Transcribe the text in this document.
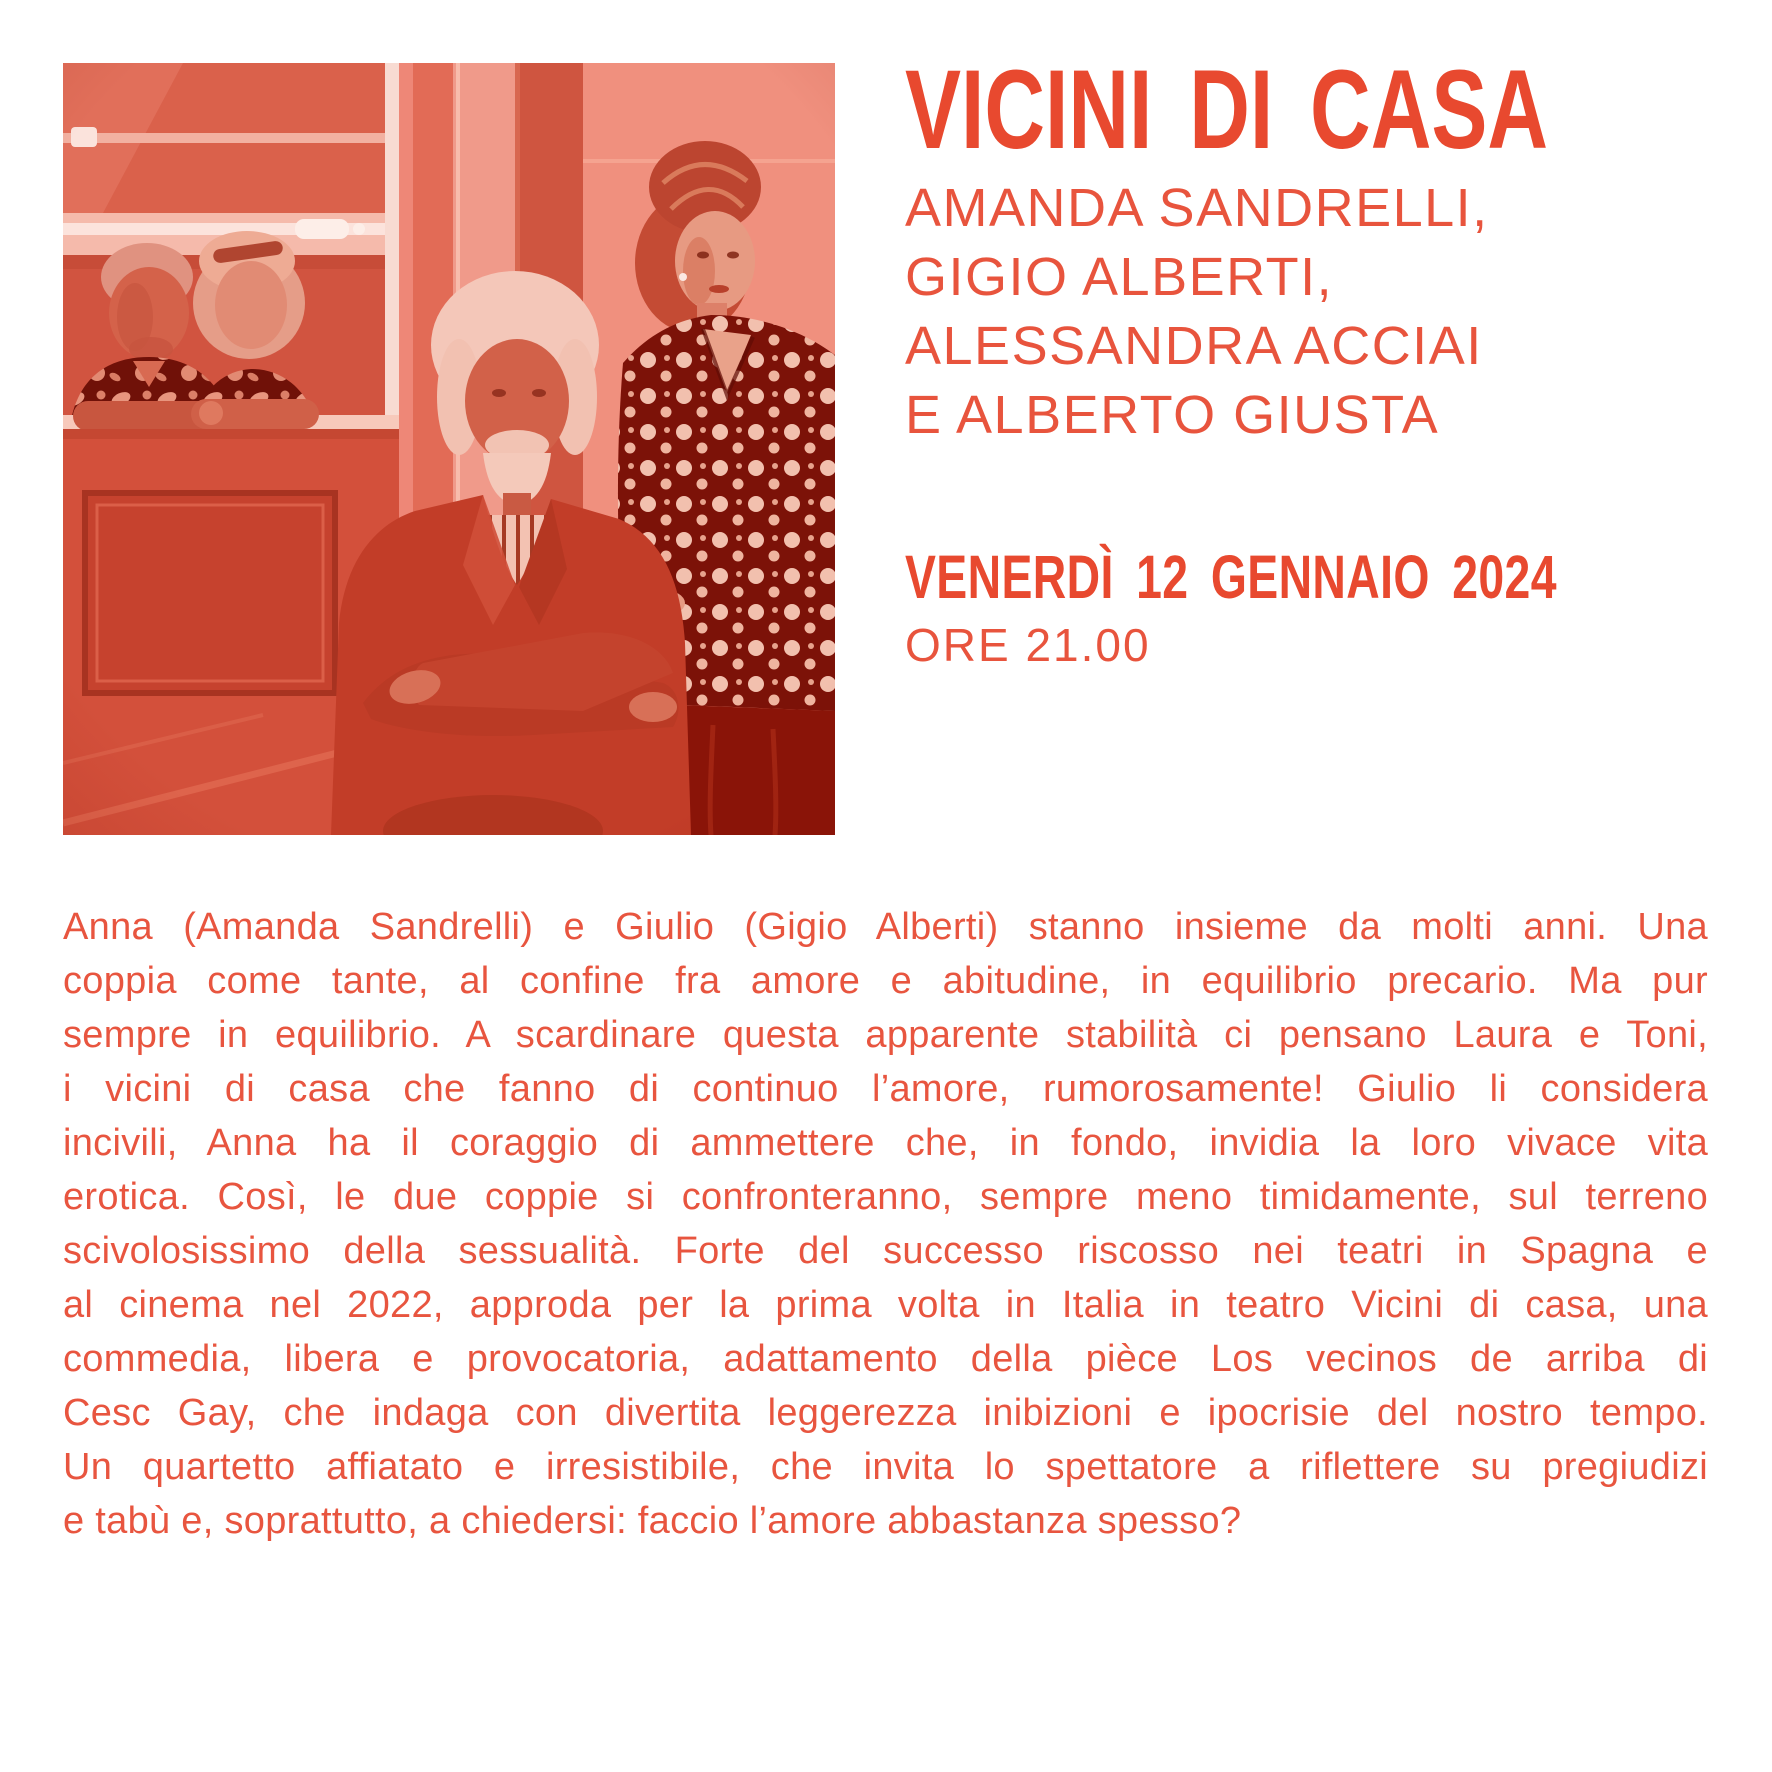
VICINI DI CASA
AMANDA SANDRELLI,
GIGIO ALBERTI,
ALESSANDRA ACCIAI
E ALBERTO GIUSTA
VENERDÌ 12 GENNAIO 2024
ORE 21.00
Anna (Amanda Sandrelli) e Giulio (Gigio Alberti) stanno insieme da molti anni. Una
coppia come tante, al confine fra amore e abitudine, in equilibrio precario. Ma pur
sempre in equilibrio. A scardinare questa apparente stabilità ci pensano Laura e Toni,
i vicini di casa che fanno di continuo l’amore, rumorosamente! Giulio li considera
incivili, Anna ha il coraggio di ammettere che, in fondo, invidia la loro vivace vita
erotica. Così, le due coppie si confronteranno, sempre meno timidamente, sul terreno
scivolosissimo della sessualità. Forte del successo riscosso nei teatri in Spagna e
al cinema nel 2022, approda per la prima volta in Italia in teatro Vicini di casa, una
commedia, libera e provocatoria, adattamento della pièce Los vecinos de arriba di
Cesc Gay, che indaga con divertita leggerezza inibizioni e ipocrisie del nostro tempo.
Un quartetto affiatato e irresistibile, che invita lo spettatore a riflettere su pregiudizi
e tabù e, soprattutto, a chiedersi: faccio l’amore abbastanza spesso?
